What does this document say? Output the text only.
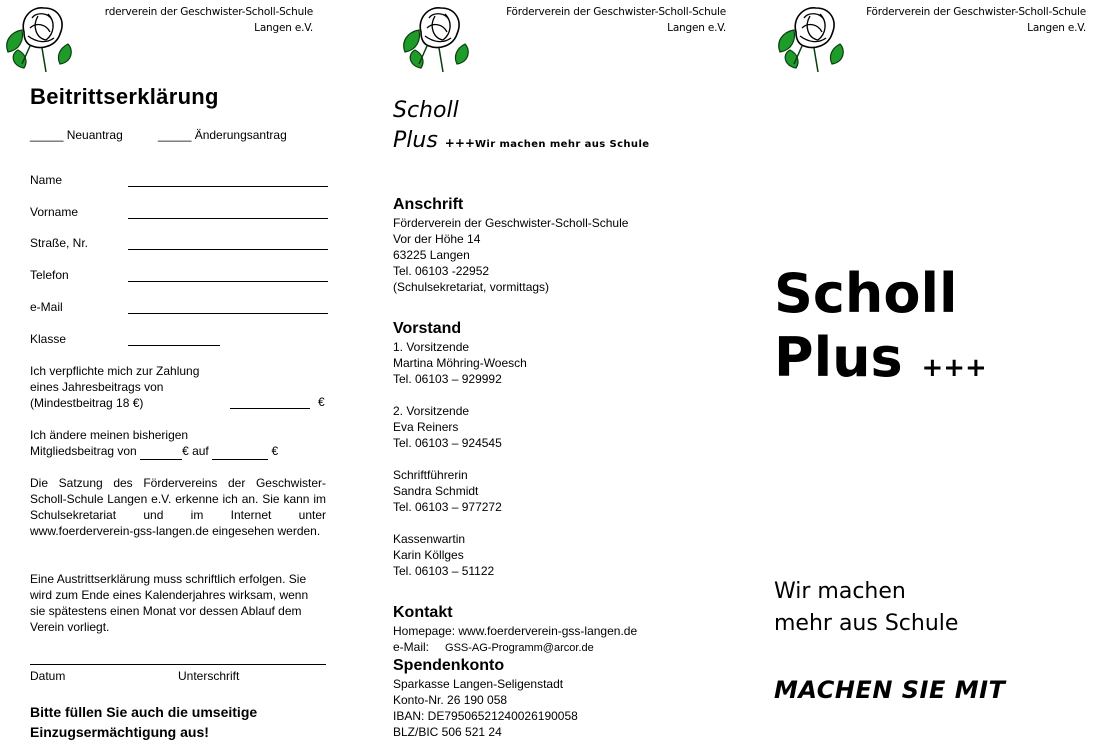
rderverein der Geschwister-Scholl-Schule
Langen e.V.
Beitrittserklärung
_____ Neuantrag	_____ Änderungsantrag
Name
Vorname
Straße, Nr.
Telefon
e-Mail
Klasse

Ich verpflichte mich zur Zahlung

eines Jahresbeitrags von

(Mindestbeitrag 18 €)	€

Ich ändere meinen bisherigen

Mitgliedsbeitrag von	€ auf	€

Die Satzung des Fördervereins der Geschwister-Scholl-Schule Langen e.V. erkenne ich an. Sie kann im Schulsekretariat und im Internet unter www.foerderverein-gss-langen.de eingesehen werden.
Eine Austrittserklärung muss schriftlich erfolgen. Sie wird zum Ende eines Kalenderjahres wirksam, wenn sie spätestens einen Monat vor dessen Ablauf dem Verein vorliegt.
Datum	Unterschrift
Bitte füllen Sie auch die umseitige
Einzugsermächtigung aus!
Förderverein der Geschwister-Scholl-Schule
Langen e.V.
Scholl
Plus +++Wir machen mehr aus Schule
Anschrift
Förderverein der Geschwister-Scholl-Schule
Vor der Höhe 14
63225 Langen
Tel. 06103 -22952
(Schulsekretariat, vormittags)
Vorstand
1. Vorsitzende
Martina Möhring-Woesch
Tel. 06103 – 929992

2. Vorsitzende
Eva Reiners
Tel. 06103 – 924545

Schriftführerin
Sandra Schmidt
Tel. 06103 – 977272

Kassenwartin
Karin Köllges
Tel. 06103 – 51122
Kontakt
Homepage: www.foerderverein-gss-langen.de
e-Mail: GSS-AG-Programm@arcor.de
Spendenkonto
Sparkasse Langen-Seligenstadt
Konto-Nr. 26 190 058
IBAN: DE79506521240026190058
BLZ/BIC 506 521 24
Förderverein der Geschwister-Scholl-Schule
Langen e.V.
Scholl
Plus +++
Wir machen
mehr aus Schule
MACHEN SIE MIT
